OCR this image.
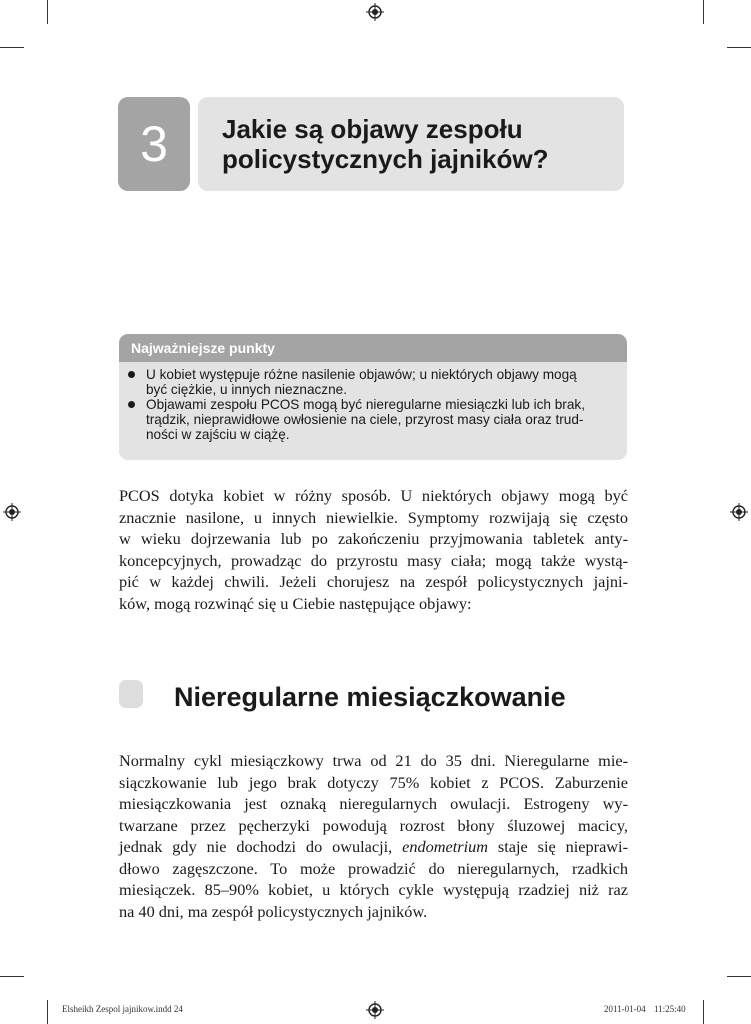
3	Jakie są objawy zespołu
policystycznych jajników?
Najważniejsze punkty
U kobiet występuje różne nasilenie objawów; u niektórych objawy mogą
być ciężkie, u innych nieznaczne.
Objawami zespołu PCOS mogą być nieregularne miesiączki lub ich brak,
trądzik, nieprawidłowe owłosienie na ciele, przyrost masy ciała oraz trud-
ności w zajściu w ciążę.
PCOS dotyka kobiet w różny sposób. U niektórych objawy mogą być
znacznie nasilone, u innych niewielkie. Symptomy rozwijają się często
w wieku dojrzewania lub po zakończeniu przyjmowania tabletek anty-
koncepcyjnych, prowadząc do przyrostu masy ciała; mogą także wystą-
pić w każdej chwili. Jeżeli chorujesz na zespół policystycznych jajni-
ków, mogą rozwinąć się u Ciebie następujące objawy:
Nieregularne miesiączkowanie
Normalny cykl miesiączkowy trwa od 21 do 35 dni. Nieregularne mie-
siączkowanie lub jego brak dotyczy 75% kobiet z PCOS. Zaburzenie
miesiączkowania jest oznaką nieregularnych owulacji. Estrogeny wy-
twarzane przez pęcherzyki powodują rozrost błony śluzowej macicy,
jednak gdy nie dochodzi do owulacji, endometrium staje się nieprawi-
dłowo zagęszczone. To może prowadzić do nieregularnych, rzadkich
miesiączek. 85–90% kobiet, u których cykle występują rzadziej niż raz
na 40 dni, ma zespół policystycznych jajników.
Elsheikh Zespol jajnikow.indd 24	2011-01-04 11:25:40
